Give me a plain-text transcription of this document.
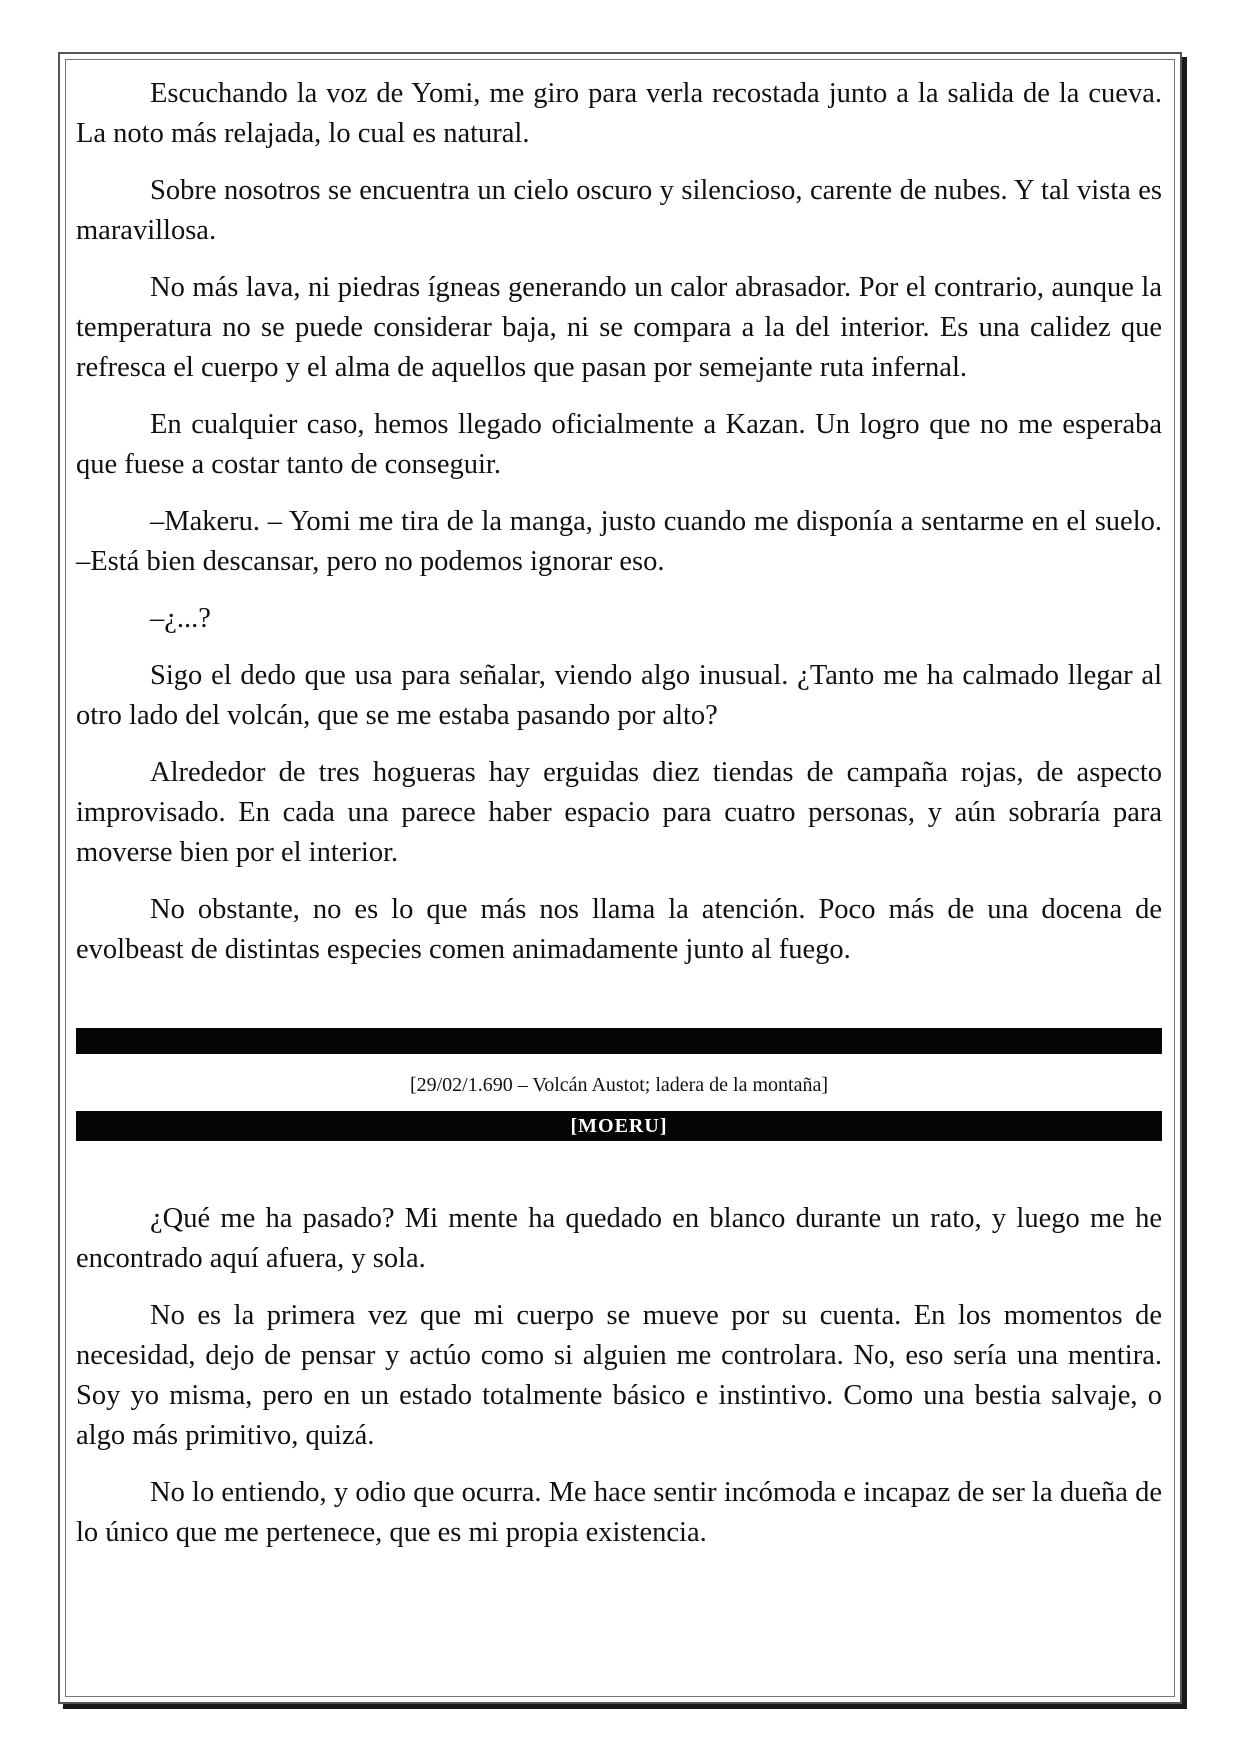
Escuchando la voz de Yomi, me giro para verla recostada junto a la salida de la cueva. La noto más relajada, lo cual es natural.

Sobre nosotros se encuentra un cielo oscuro y silencioso, carente de nubes. Y tal vista es maravillosa.

No más lava, ni piedras ígneas generando un calor abrasador. Por el contrario, aunque la temperatura no se puede considerar baja, ni se compara a la del interior. Es una calidez que refresca el cuerpo y el alma de aquellos que pasan por semejante ruta infernal.

En cualquier caso, hemos llegado oficialmente a Kazan. Un logro que no me esperaba que fuese a costar tanto de conseguir.

–Makeru. – Yomi me tira de la manga, justo cuando me disponía a sentarme en el suelo. –Está bien descansar, pero no podemos ignorar eso.

–¿...?

Sigo el dedo que usa para señalar, viendo algo inusual. ¿Tanto me ha calmado llegar al otro lado del volcán, que se me estaba pasando por alto?

Alrededor de tres hogueras hay erguidas diez tiendas de campaña rojas, de aspecto improvisado. En cada una parece haber espacio para cuatro personas, y aún sobraría para moverse bien por el interior.

No obstante, no es lo que más nos llama la atención. Poco más de una docena de evolbeast de distintas especies comen animadamente junto al fuego.

[29/02/1.690 – Volcán Austot; ladera de la montaña]
[MOERU]

¿Qué me ha pasado? Mi mente ha quedado en blanco durante un rato, y luego me he encontrado aquí afuera, y sola.

No es la primera vez que mi cuerpo se mueve por su cuenta. En los momentos de necesidad, dejo de pensar y actúo como si alguien me controlara. No, eso sería una mentira. Soy yo misma, pero en un estado totalmente básico e instintivo. Como una bestia salvaje, o algo más primitivo, quizá.

No lo entiendo, y odio que ocurra. Me hace sentir incómoda e incapaz de ser la dueña de lo único que me pertenece, que es mi propia existencia.
